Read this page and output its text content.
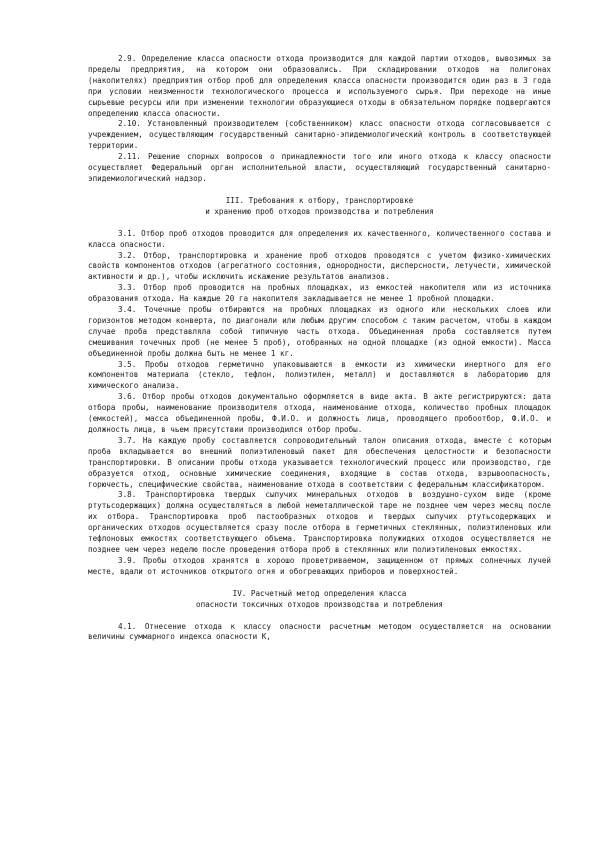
2.9. Определение класса опасности отхода производится для каждой партии отходов, вывозимых за пределы предприятия, на котором они образовались. При складировании отходов на полигонах (накопителях) предприятия отбор проб для определения класса опасности производится один раз в 3 года при условии неизменности технологического процесса и используемого сырья. При переходе на иные сырьевые ресурсы или при изменении технологии образующиеся отходы в обязательном порядке подвергаются определению класса опасности.

2.10. Установленный производителем (собственником) класс опасности отхода согласовывается с учреждением, осуществляющим государственный санитарно-эпидемиологический контроль в соответствующей территории.

2.11. Решение спорных вопросов о принадлежности того или иного отхода к классу опасности осуществляет Федеральный орган исполнительной власти, осуществляющий государственный санитарно-эпидемиологический надзор.

III. Требования к отбору, транспортировке
и хранению проб отходов производства и потребления

3.1. Отбор проб отходов проводится для определения их качественного, количественного состава и класса опасности.

3.2. Отбор, транспортировка и хранение проб отходов проводятся с учетом физико-химических свойств компонентов отходов (агрегатного состояния, однородности, дисперсности, летучести, химической активности и др.), чтобы исключить искажение результатов анализов.

3.3. Отбор проб проводится на пробных площадках, из емкостей накопителя или из источника образования отхода. На каждые 20 га накопителя закладывается не менее 1 пробной площадки.

3.4. Точечные пробы отбираются на пробных площадках из одного или нескольких слоев или горизонтов методом конверта, по диагонали или любым другим способом с таким расчетом, чтобы в каждом случае проба представляла собой типичную часть отхода. Объединенная проба составляется путем смешивания точечных проб (не менее 5 проб), отобранных на одной площадке (из одной емкости). Масса объединенной пробы должна быть не менее 1 кг.

3.5. Пробы отходов герметично упаковываются в емкости из химически инертного для его компонентов материала (стекло, тефлон, полиэтилен, металл) и доставляются в лабораторию для химического анализа.

3.6. Отбор пробы отходов документально оформляется в виде акта. В акте регистрируются: дата отбора пробы, наименование производителя отхода, наименование отхода, количество пробных площадок (емкостей), масса объединенной пробы, Ф.И.О. и должность лица, проводящего пробоотбор, Ф.И.О. и должность лица, в чьем присутствии производился отбор пробы.

3.7. На каждую пробу составляется сопроводительный талон описания отхода, вместе с которым проба вкладывается во внешний полиэтиленовый пакет для обеспечения целостности и безопасности транспортировки. В описании пробы отхода указывается технологический процесс или производство, где образуется отход, основные химические соединения, входящие в состав отхода, взрывоопасность, горючесть, специфические свойства, наименование отхода в соответствии с федеральным классификатором.

3.8. Транспортировка твердых сыпучих минеральных отходов в воздушно-сухом виде (кроме ртутьсодержащих) должна осуществляться в любой неметаллической таре не позднее чем через месяц после их отбора. Транспортировка проб пастообразных отходов и твердых сыпучих ртутьсодержащих и органических отходов осуществляется сразу после отбора в герметичных стеклянных, полиэтиленовых или тефлоновых емкостях соответствующего объема. Транспортировка полужидких отходов осуществляется не позднее чем через неделю после проведения отбора проб в стеклянных или полиэтиленовых емкостях.

3.9. Пробы отходов хранятся в хорошо проветриваемом, защищенном от прямых солнечных лучей месте, вдали от источников открытого огня и обогревающих приборов и поверхностей.

IV. Расчетный метод определения класса
опасности токсичных отходов производства и потребления

4.1. Отнесение отхода к классу опасности расчетным методом осуществляется на основании величины суммарного индекса опасности К,
